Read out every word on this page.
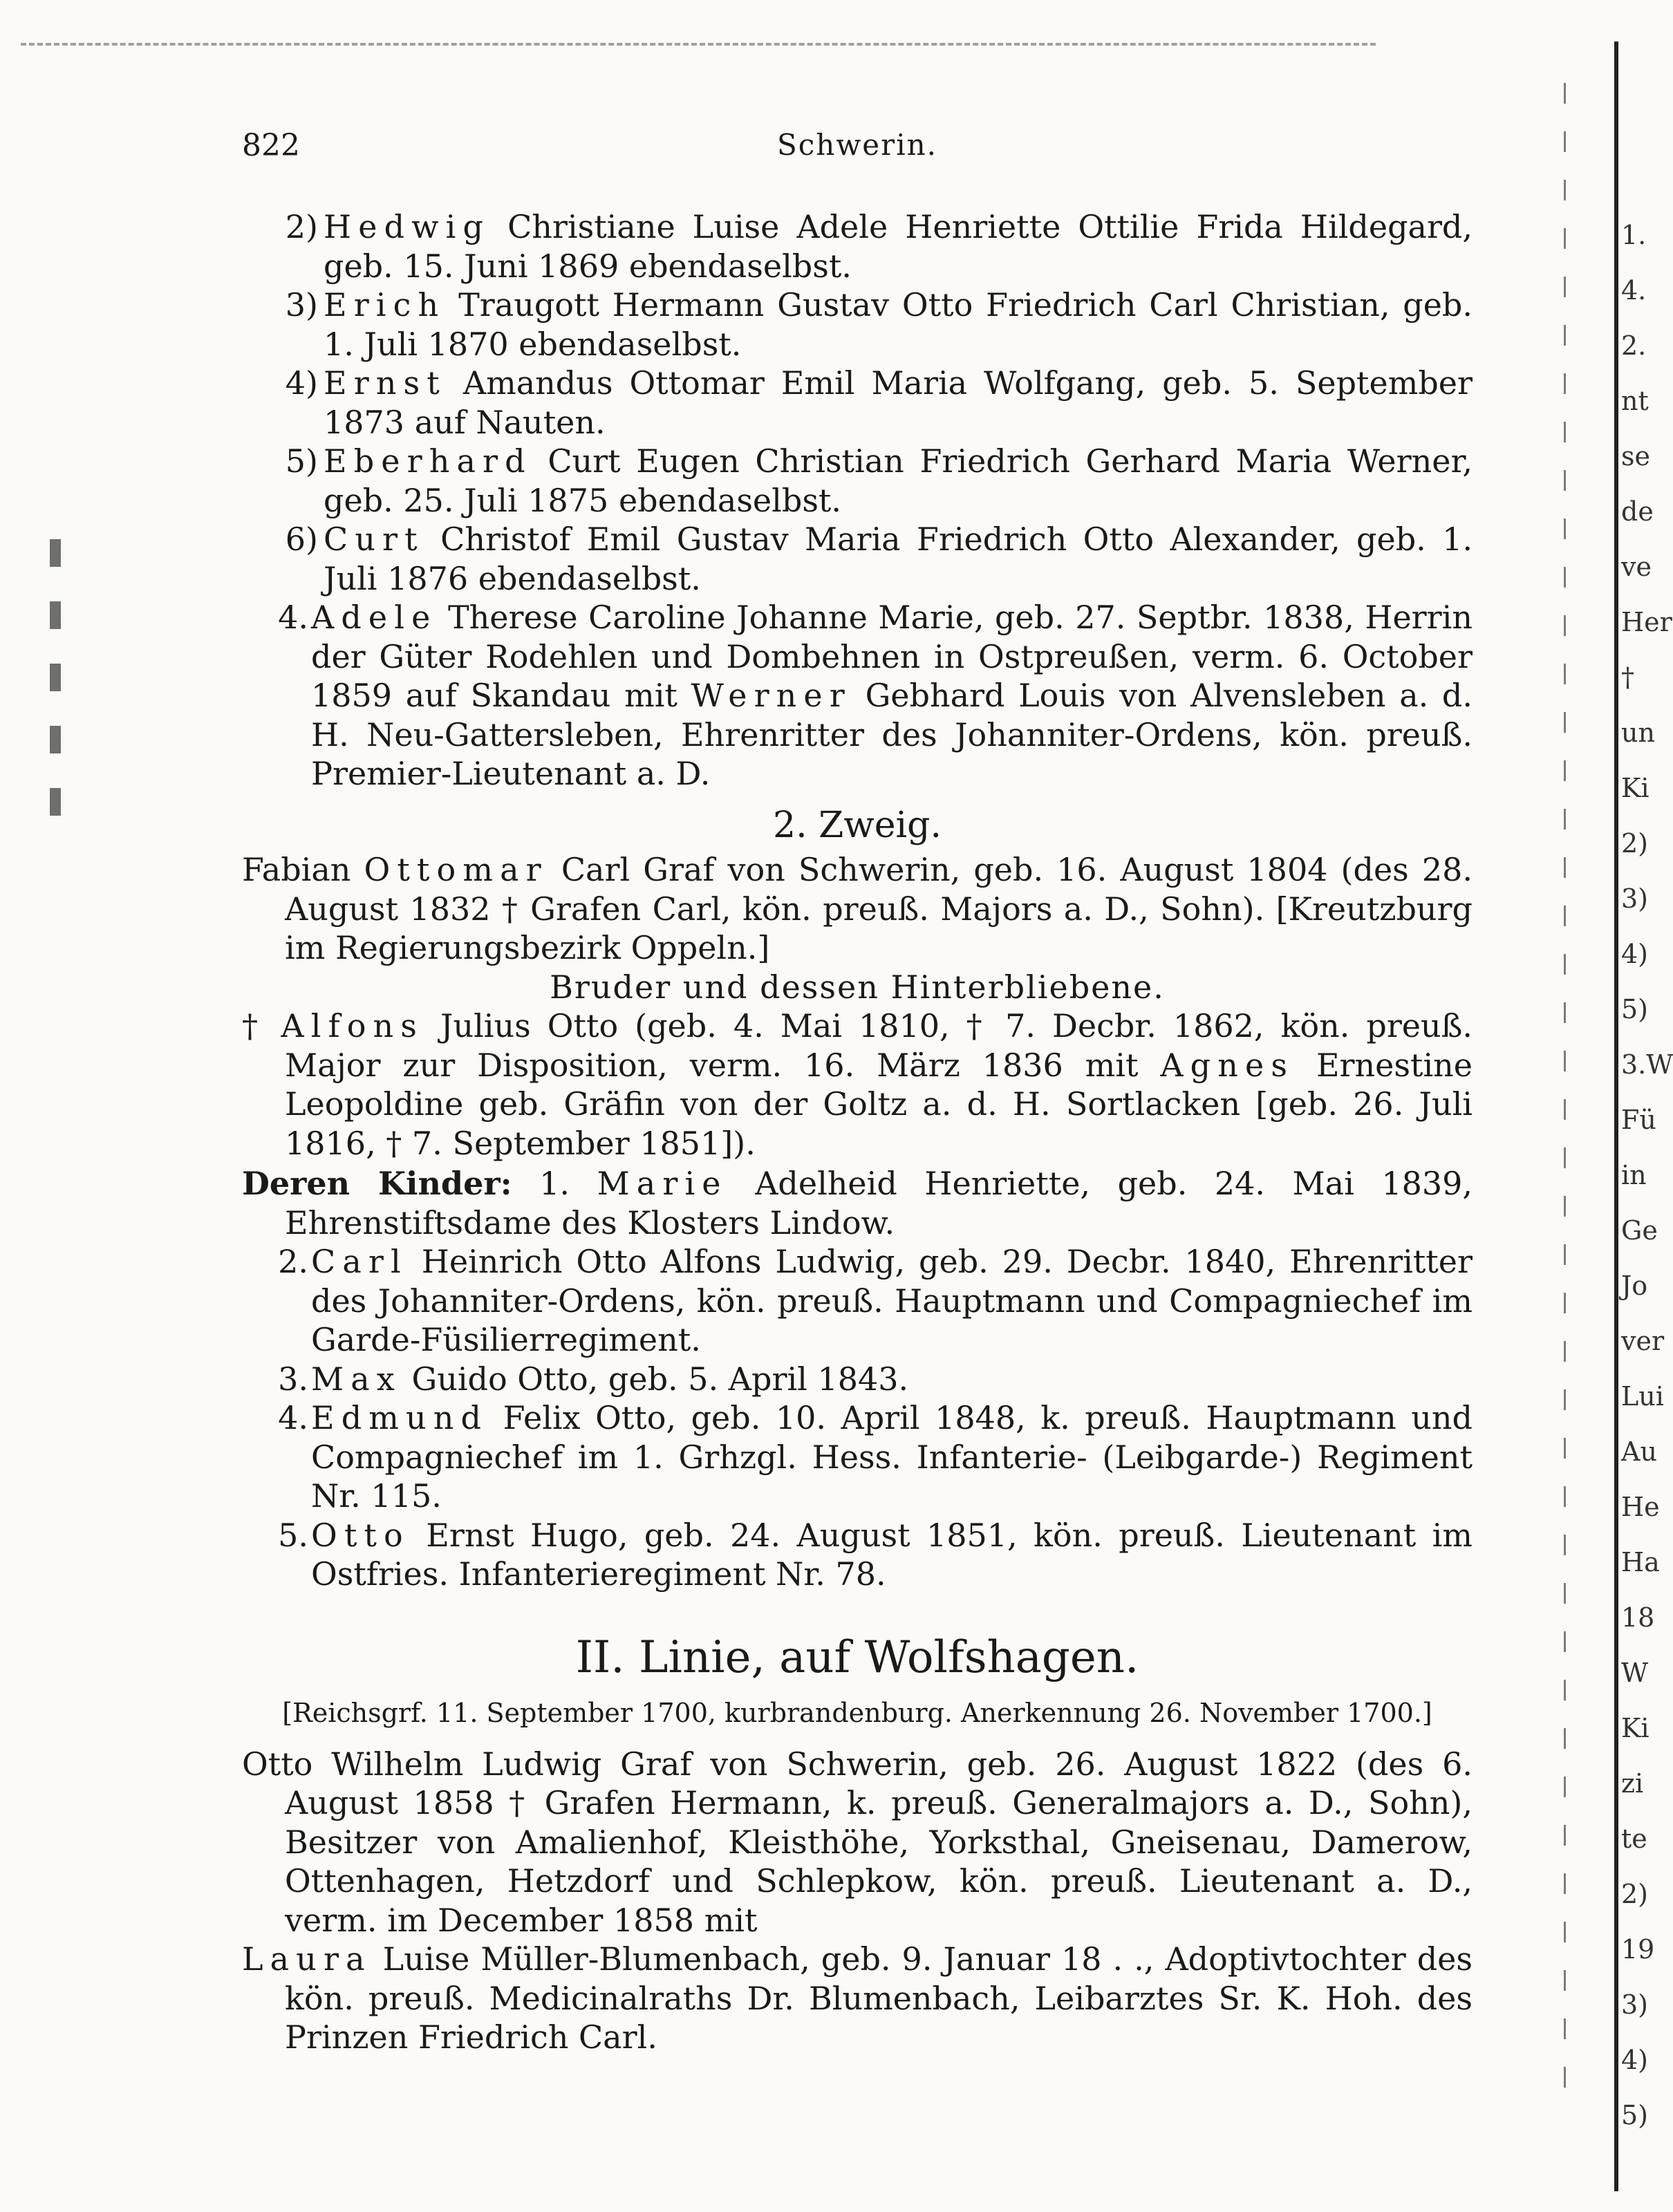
1.
4.
2.
nt
se
de
ve
Her
†
un
Ki
2)
3)
4)
5)
3.W
Fü
in
Ge
Jo
ver
Lui
Au
He
Ha
18
W
Ki
zi
te
2)
19
3)
4)
5)
822	Schwerin.
2) Hedwig Christiane Luise Adele Henriette Ottilie Frida Hildegard, geb. 15. Juni 1869 ebendaselbst.
3) Erich Traugott Hermann Gustav Otto Friedrich Carl Christian, geb. 1. Juli 1870 ebendaselbst.
4) Ernst Amandus Ottomar Emil Maria Wolfgang, geb. 5. September 1873 auf Nauten.
5) Eberhard Curt Eugen Christian Friedrich Gerhard Maria Werner, geb. 25. Juli 1875 ebendaselbst.
6) Curt Christof Emil Gustav Maria Friedrich Otto Alexander, geb. 1. Juli 1876 ebendaselbst.
4. Adele Therese Caroline Johanne Marie, geb. 27. Septbr. 1838, Herrin der Güter Rodehlen und Dombehnen in Ostpreußen, verm. 6. October 1859 auf Skandau mit Werner Gebhard Louis von Alvensleben a. d. H. Neu-Gattersleben, Ehrenritter des Johanniter-Ordens, kön. preuß. Premier-Lieutenant a. D.
2. Zweig.
Fabian Ottomar Carl Graf von Schwerin, geb. 16. August 1804 (des 28. August 1832 † Grafen Carl, kön. preuß. Majors a. D., Sohn). [Kreutzburg im Regierungsbezirk Oppeln.]
Bruder und dessen Hinterbliebene.
† Alfons Julius Otto (geb. 4. Mai 1810, † 7. Decbr. 1862, kön. preuß. Major zur Disposition, verm. 16. März 1836 mit Agnes Ernestine Leopoldine geb. Gräfin von der Goltz a. d. H. Sortlacken [geb. 26. Juli 1816, † 7. September 1851]).
Deren Kinder: 1. Marie Adelheid Henriette, geb. 24. Mai 1839, Ehrenstiftsdame des Klosters Lindow.
2. Carl Heinrich Otto Alfons Ludwig, geb. 29. Decbr. 1840, Ehrenritter des Johanniter-Ordens, kön. preuß. Hauptmann und Compagniechef im Garde-Füsilierregiment.
3. Max Guido Otto, geb. 5. April 1843.
4. Edmund Felix Otto, geb. 10. April 1848, k. preuß. Hauptmann und Compagniechef im 1. Grhzgl. Hess. Infanterie- (Leibgarde-) Regiment Nr. 115.
5. Otto Ernst Hugo, geb. 24. August 1851, kön. preuß. Lieutenant im Ostfries. Infanterieregiment Nr. 78.
II. Linie, auf Wolfshagen.
[Reichsgrf. 11. September 1700, kurbrandenburg. Anerkennung 26. November 1700.]
Otto Wilhelm Ludwig Graf von Schwerin, geb. 26. August 1822 (des 6. August 1858 † Grafen Hermann, k. preuß. Generalmajors a. D., Sohn), Besitzer von Amalienhof, Kleisthöhe, Yorksthal, Gneisenau, Damerow, Ottenhagen, Hetzdorf und Schlepkow, kön. preuß. Lieutenant a. D., verm. im December 1858 mit
Laura Luise Müller-Blumenbach, geb. 9. Januar 18 . ., Adoptivtochter des kön. preuß. Medicinalraths Dr. Blumenbach, Leibarztes Sr. K. Hoh. des Prinzen Friedrich Carl.
